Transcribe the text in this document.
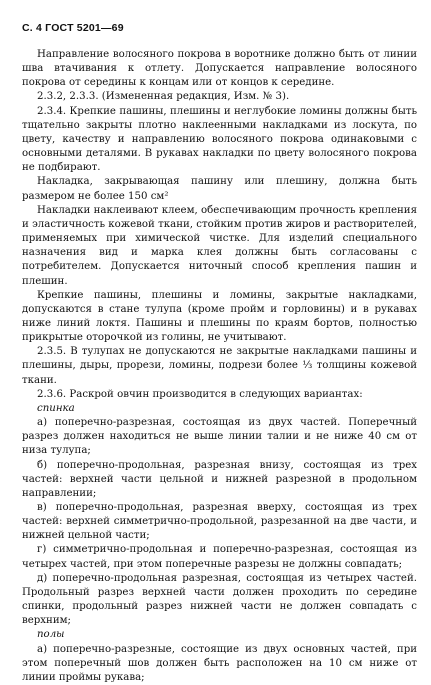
С. 4 ГОСТ 5201—69

Направление волосяного покрова в воротнике должно быть от линии шва втачивания к отлету. Допускается направление волосяного покрова от середины к концам или от концов к середине.

2.3.2, 2.3.3. (Измененная редакция, Изм. № 3).

2.3.4. Крепкие пашины, плешины и неглубокие ломины должны быть тщательно закрыты плотно наклеенными накладками из лоскута, по цвету, качеству и направлению волосяного покрова одинаковыми с основными деталями. В рукавах накладки по цвету волосяного покрова не подбирают.

Накладка, закрывающая пашину или плешину, должна быть размером не более 150 см²

Накладки наклеивают клеем, обеспечивающим прочность крепления и эластичность кожевой ткани, стойким против жиров и растворителей, применяемых при химической чистке. Для изделий специального назначения вид и марка клея должны быть согласованы с потребителем. Допускается ниточный способ крепления пашин и плешин.

Крепкие пашины, плешины и ломины, закрытые накладками, допускаются в стане тулупа (кроме пройм и горловины) и в рукавах ниже линий локтя. Пашины и плешины по краям бортов, полностью прикрытые оторочкой из голины, не учитывают.

2.3.5. В тулупах не допускаются не закрытые накладками пашины и плешины, дыры, прорези, ломины, подрези более ⅓ толщины кожевой ткани.

2.3.6. Раскрой овчин производится в следующих вариантах:

спинка

а) поперечно-разрезная, состоящая из двух частей. Поперечный разрез должен находиться не выше линии талии и не ниже 40 см от низа тулупа;

б) поперечно-продольная, разрезная внизу, состоящая из трех частей: верхней части цельной и нижней разрезной в продольном направлении;

в) поперечно-продольная, разрезная вверху, состоящая из трех частей: верхней симметрично-продольной, разрезанной на две части, и нижней цельной части;

г) симметрично-продольная и поперечно-разрезная, состоящая из четырех частей, при этом поперечные разрезы не должны совпадать;

д) поперечно-продольная разрезная, состоящая из четырех частей. Продольный разрез верхней части должен проходить по середине спинки, продольный разрез нижней части не должен совпадать с верхним;

полы

а) поперечно-разрезные, состоящие из двух основных частей, при этом поперечный шов должен быть расположен на 10 см ниже от линии проймы рукава;
